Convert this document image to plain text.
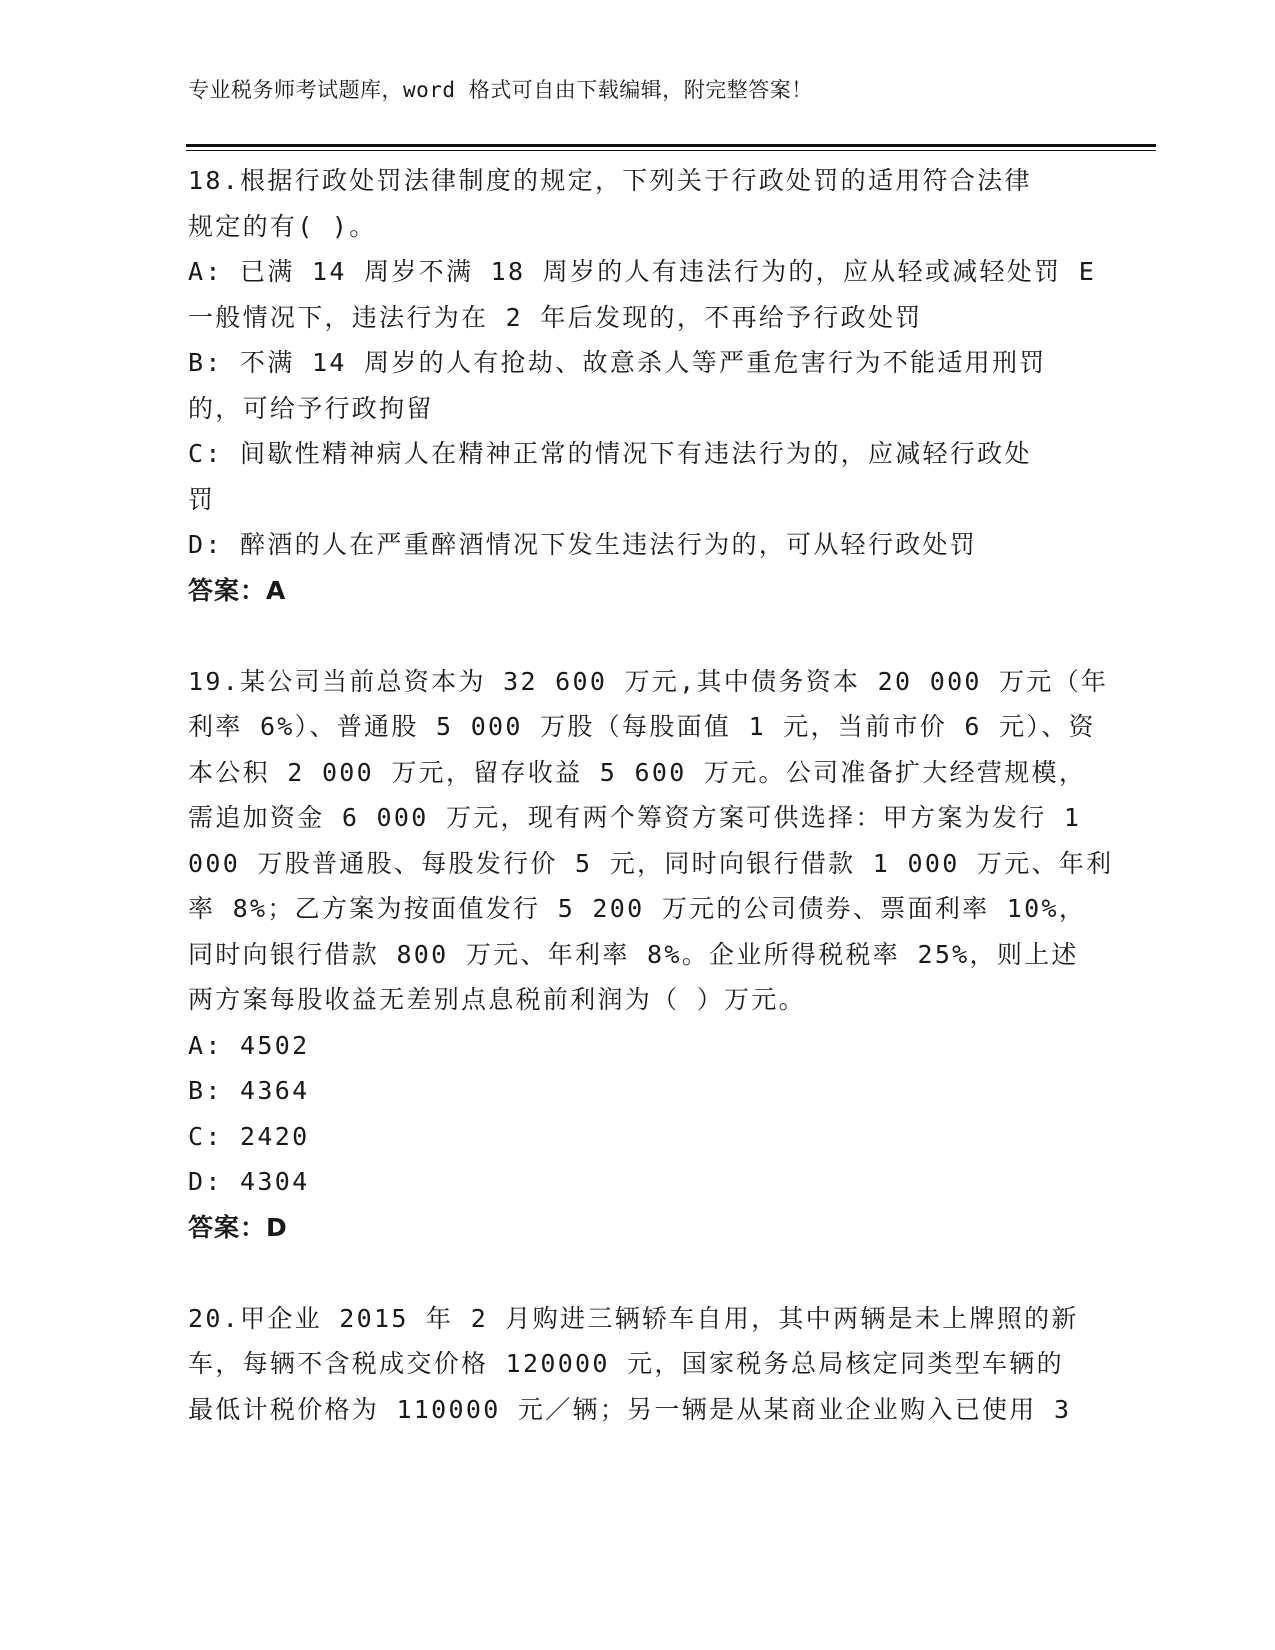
专业税务师考试题库，word 格式可自由下载编辑，附完整答案！
18.根据行政处罚法律制度的规定，下列关于行政处罚的适用符合法律
规定的有( )。
A: 已满 14 周岁不满 18 周岁的人有违法行为的，应从轻或减轻处罚 E
一般情况下，违法行为在 2 年后发现的，不再给予行政处罚
B: 不满 14 周岁的人有抢劫、故意杀人等严重危害行为不能适用刑罚
的，可给予行政拘留
C: 间歇性精神病人在精神正常的情况下有违法行为的，应减轻行政处
罚
D: 醉酒的人在严重醉酒情况下发生违法行为的，可从轻行政处罚
答案：A
19.某公司当前总资本为 32 600 万元,其中债务资本 20 000 万元（年
利率 6%）、普通股 5 000 万股（每股面值 1 元，当前市价 6 元）、资
本公积 2 000 万元，留存收益 5 600 万元。公司准备扩大经营规模，
需追加资金 6 000 万元，现有两个筹资方案可供选择：甲方案为发行 1
000 万股普通股、每股发行价 5 元，同时向银行借款 1 000 万元、年利
率 8%；乙方案为按面值发行 5 200 万元的公司债券、票面利率 10%，
同时向银行借款 800 万元、年利率 8%。企业所得税税率 25%，则上述
两方案每股收益无差别点息税前利润为（ ）万元。
A: 4502
B: 4364
C: 2420
D: 4304
答案：D
20.甲企业 2015 年 2 月购进三辆轿车自用，其中两辆是未上牌照的新
车，每辆不含税成交价格 120000 元，国家税务总局核定同类型车辆的
最低计税价格为 110000 元／辆；另一辆是从某商业企业购入已使用 3
